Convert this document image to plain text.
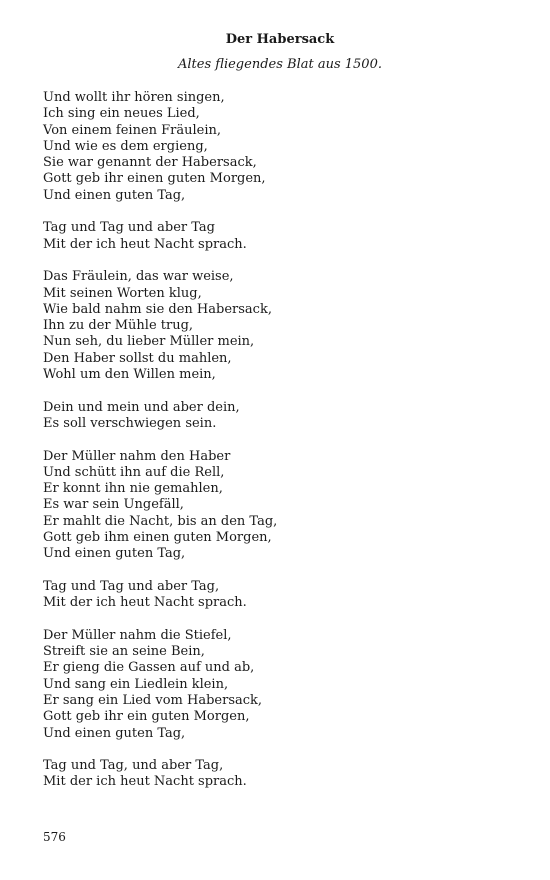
Der Habersack
Altes fliegendes Blat aus 1500.
Und wollt ihr hören singen,
Ich sing ein neues Lied,
Von einem feinen Fräulein,
Und wie es dem ergieng,
Sie war genannt der Habersack,
Gott geb ihr einen guten Morgen,
Und einen guten Tag,
Tag und Tag und aber Tag
Mit der ich heut Nacht sprach.
Das Fräulein, das war weise,
Mit seinen Worten klug,
Wie bald nahm sie den Habersack,
Ihn zu der Mühle trug,
Nun seh, du lieber Müller mein,
Den Haber sollst du mahlen,
Wohl um den Willen mein,
Dein und mein und aber dein,
Es soll verschwiegen sein.
Der Müller nahm den Haber
Und schütt ihn auf die Rell,
Er konnt ihn nie gemahlen,
Es war sein Ungefäll,
Er mahlt die Nacht, bis an den Tag,
Gott geb ihm einen guten Morgen,
Und einen guten Tag,
Tag und Tag und aber Tag,
Mit der ich heut Nacht sprach.
Der Müller nahm die Stiefel,
Streift sie an seine Bein,
Er gieng die Gassen auf und ab,
Und sang ein Liedlein klein,
Er sang ein Lied vom Habersack,
Gott geb ihr ein guten Morgen,
Und einen guten Tag,
Tag und Tag, und aber Tag,
Mit der ich heut Nacht sprach.
576
